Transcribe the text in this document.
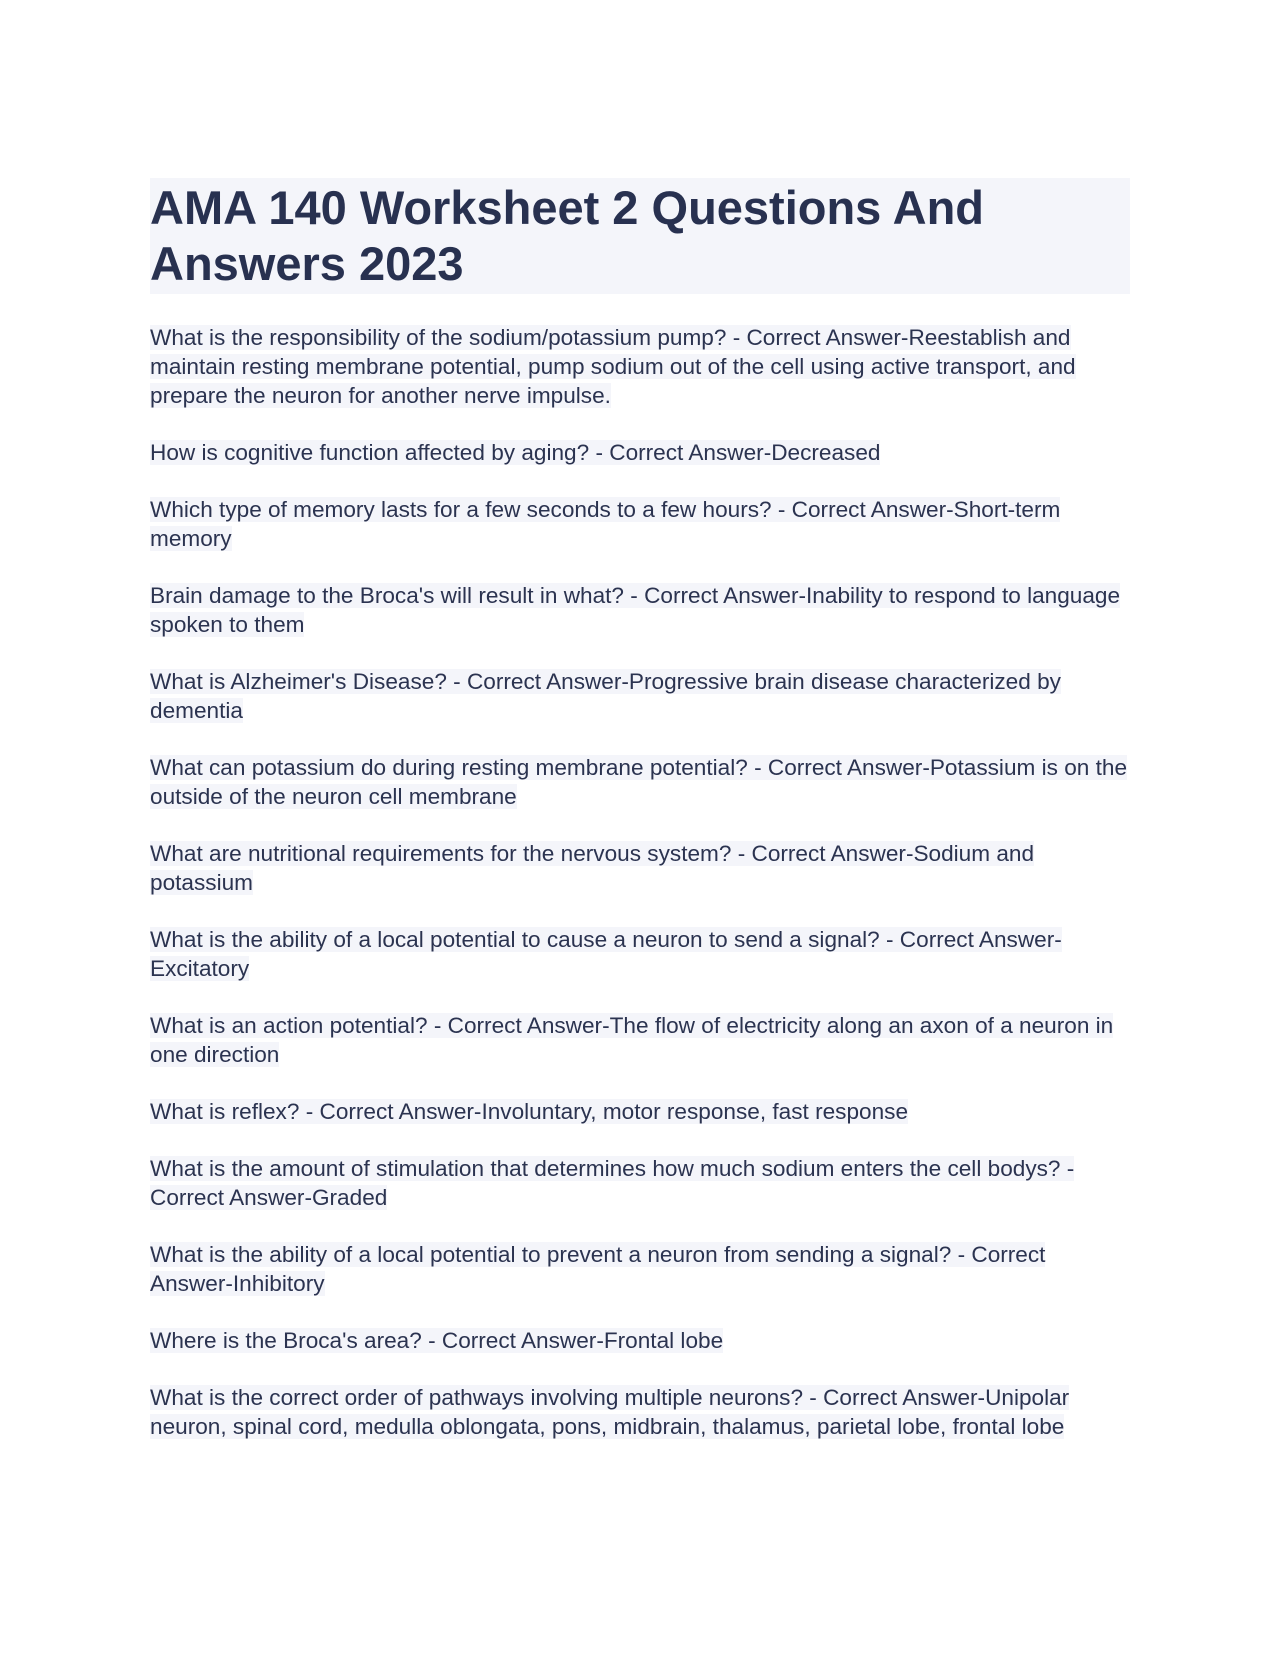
AMA 140 Worksheet 2 Questions And Answers 2023

What is the responsibility of the sodium/potassium pump? - Correct Answer-Reestablish and maintain resting membrane potential, pump sodium out of the cell using active transport, and prepare the neuron for another nerve impulse.

How is cognitive function affected by aging? - Correct Answer-Decreased

Which type of memory lasts for a few seconds to a few hours? - Correct Answer-Short-term memory

Brain damage to the Broca's will result in what? - Correct Answer-Inability to respond to language spoken to them

What is Alzheimer's Disease? - Correct Answer-Progressive brain disease characterized by dementia

What can potassium do during resting membrane potential? - Correct Answer-Potassium is on the outside of the neuron cell membrane

What are nutritional requirements for the nervous system? - Correct Answer-Sodium and potassium

What is the ability of a local potential to cause a neuron to send a signal? - Correct Answer-Excitatory

What is an action potential? - Correct Answer-The flow of electricity along an axon of a neuron in one direction

What is reflex? - Correct Answer-Involuntary, motor response, fast response

What is the amount of stimulation that determines how much sodium enters the cell bodys? - Correct Answer-Graded

What is the ability of a local potential to prevent a neuron from sending a signal? - Correct Answer-Inhibitory

Where is the Broca's area? - Correct Answer-Frontal lobe

What is the correct order of pathways involving multiple neurons? - Correct Answer-Unipolar neuron, spinal cord, medulla oblongata, pons, midbrain, thalamus, parietal lobe, frontal lobe
